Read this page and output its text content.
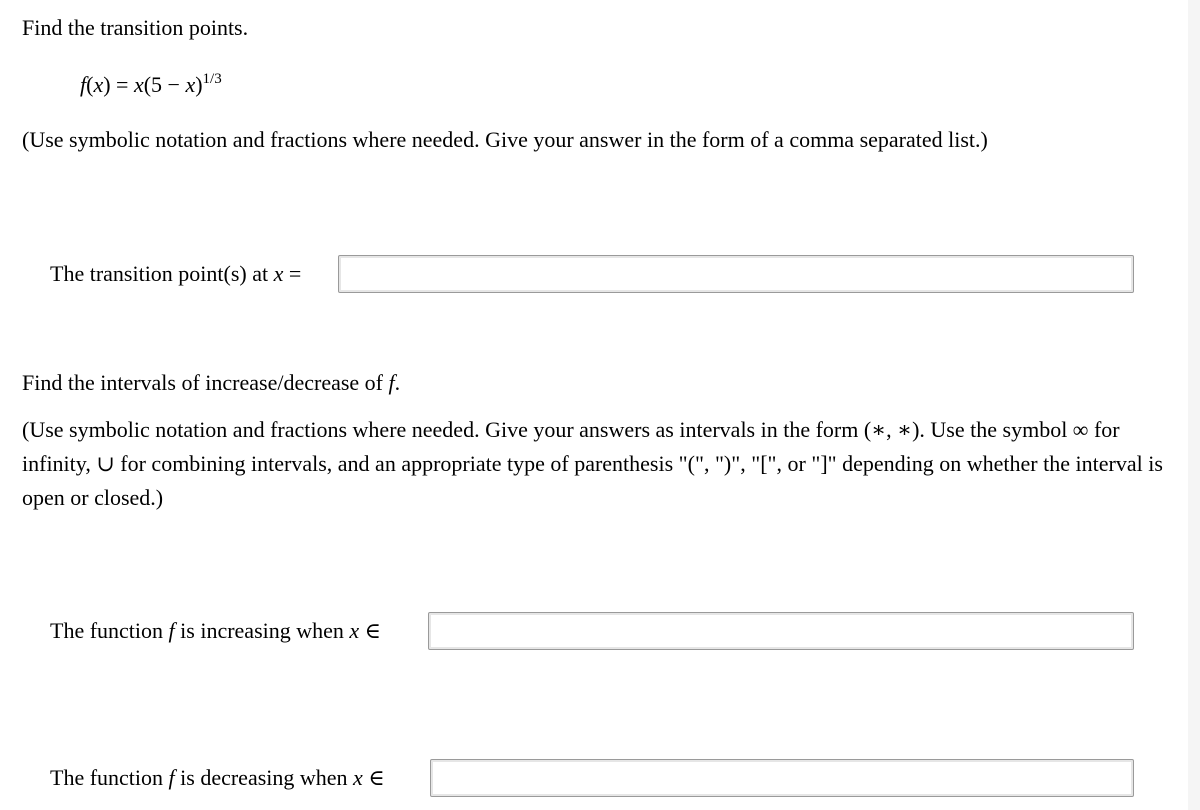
Find the transition points.
$f(x) = x(5 - x)^{1/3}$
(Use symbolic notation and fractions where needed. Give your answer in the form of a comma separated list.)
The transition point(s) at x =
Find the intervals of increase/decrease of f.
(Use symbolic notation and fractions where needed. Give your answers as intervals in the form (∗, ∗). Use the symbol ∞ for infinity, ∪ for combining intervals, and an appropriate type of parenthesis "(", ")", "[", or "]" depending on whether the interval is open or closed.)
The function f is increasing when x ∈
The function f is decreasing when x ∈
